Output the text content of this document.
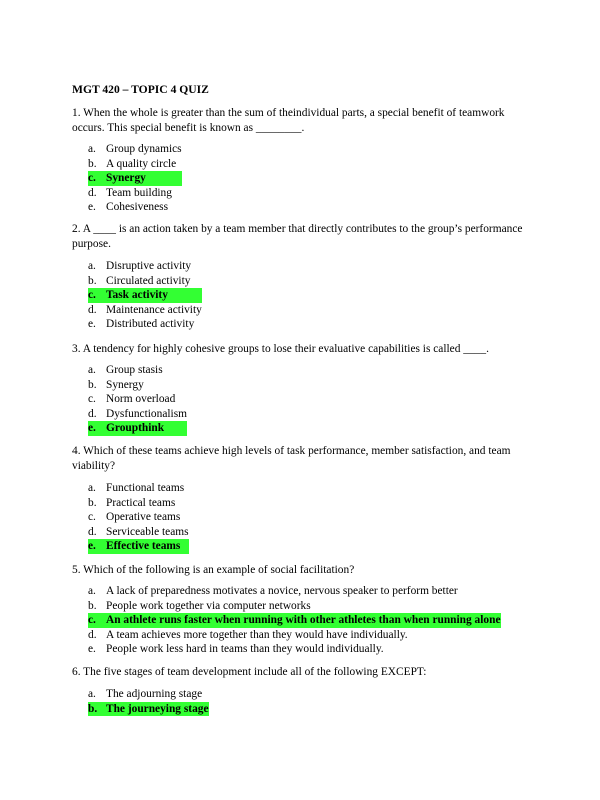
MGT 420 – TOPIC 4 QUIZ
1. When the whole is greater than the sum of theindividual parts, a special benefit of teamwork occurs. This special benefit is known as ________.
a. Group dynamics
b. A quality circle
c. Synergy
d. Team building
e. Cohesiveness
2. A ____ is an action taken by a team member that directly contributes to the group’s performance purpose.
a. Disruptive activity
b. Circulated activity
c. Task activity
d. Maintenance activity
e. Distributed activity
3. A tendency for highly cohesive groups to lose their evaluative capabilities is called ____.
a. Group stasis
b. Synergy
c. Norm overload
d. Dysfunctionalism
e. Groupthink
4. Which of these teams achieve high levels of task performance, member satisfaction, and team viability?
a. Functional teams
b. Practical teams
c. Operative teams
d. Serviceable teams
e. Effective teams
5. Which of the following is an example of social facilitation?
a. A lack of preparedness motivates a novice, nervous speaker to perform better
b. People work together via computer networks
c. An athlete runs faster when running with other athletes than when running alone
d. A team achieves more together than they would have individually.
e. People work less hard in teams than they would individually.
6. The five stages of team development include all of the following EXCEPT:
a. The adjourning stage
b. The journeying stage
